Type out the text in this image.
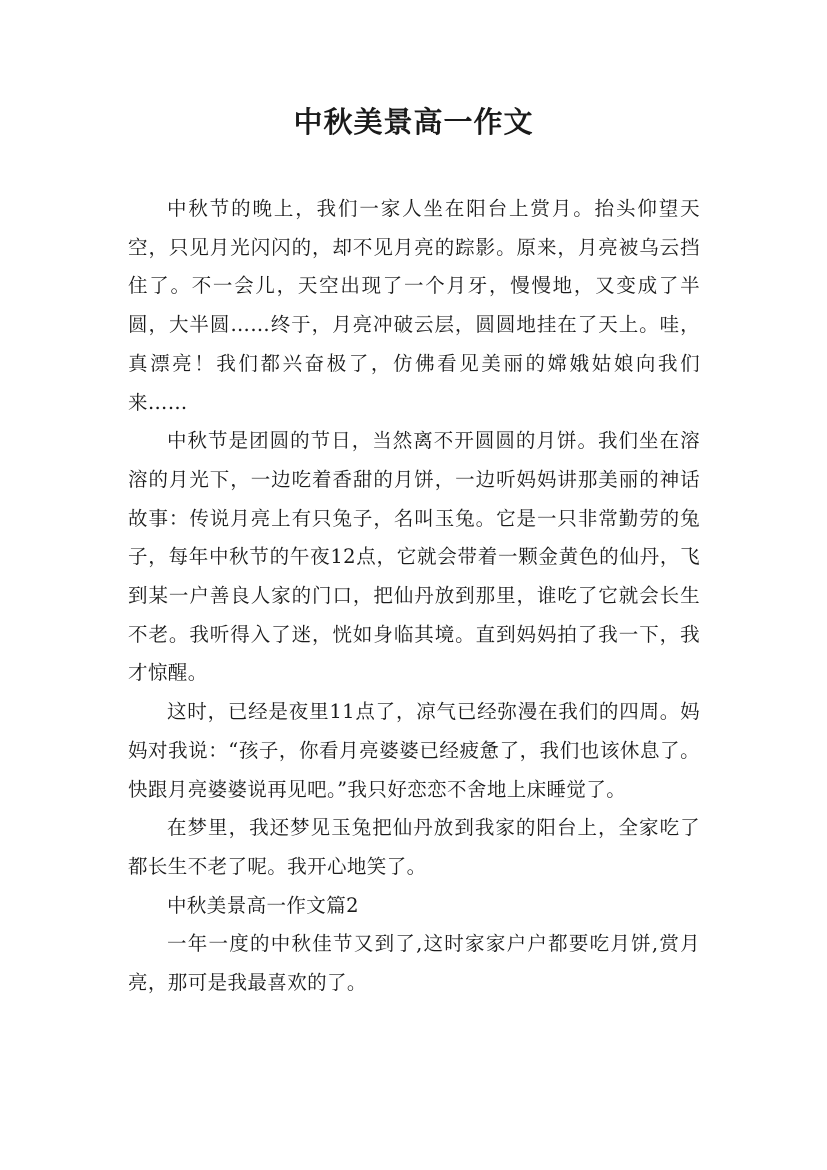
中秋美景高一作文

中秋节的晚上，我们一家人坐在阳台上赏月。抬头仰望天空，只见月光闪闪的，却不见月亮的踪影。原来，月亮被乌云挡住了。不一会儿，天空出现了一个月牙，慢慢地，又变成了半圆，大半圆……终于，月亮冲破云层，圆圆地挂在了天上。哇，真漂亮！我们都兴奋极了，仿佛看见美丽的嫦娥姑娘向我们来……

中秋节是团圆的节日，当然离不开圆圆的月饼。我们坐在溶溶的月光下，一边吃着香甜的月饼，一边听妈妈讲那美丽的神话故事：传说月亮上有只兔子，名叫玉兔。它是一只非常勤劳的兔子，每年中秋节的午夜12点，它就会带着一颗金黄色的仙丹，飞到某一户善良人家的门口，把仙丹放到那里，谁吃了它就会长生不老。我听得入了迷，恍如身临其境。直到妈妈拍了我一下，我才惊醒。

这时，已经是夜里11点了，凉气已经弥漫在我们的四周。妈妈对我说：“孩子，你看月亮婆婆已经疲惫了，我们也该休息了。快跟月亮婆婆说再见吧。”我只好恋恋不舍地上床睡觉了。

在梦里，我还梦见玉兔把仙丹放到我家的阳台上，全家吃了都长生不老了呢。我开心地笑了。

中秋美景高一作文篇2

一年一度的中秋佳节又到了,这时家家户户都要吃月饼,赏月亮，那可是我最喜欢的了。
